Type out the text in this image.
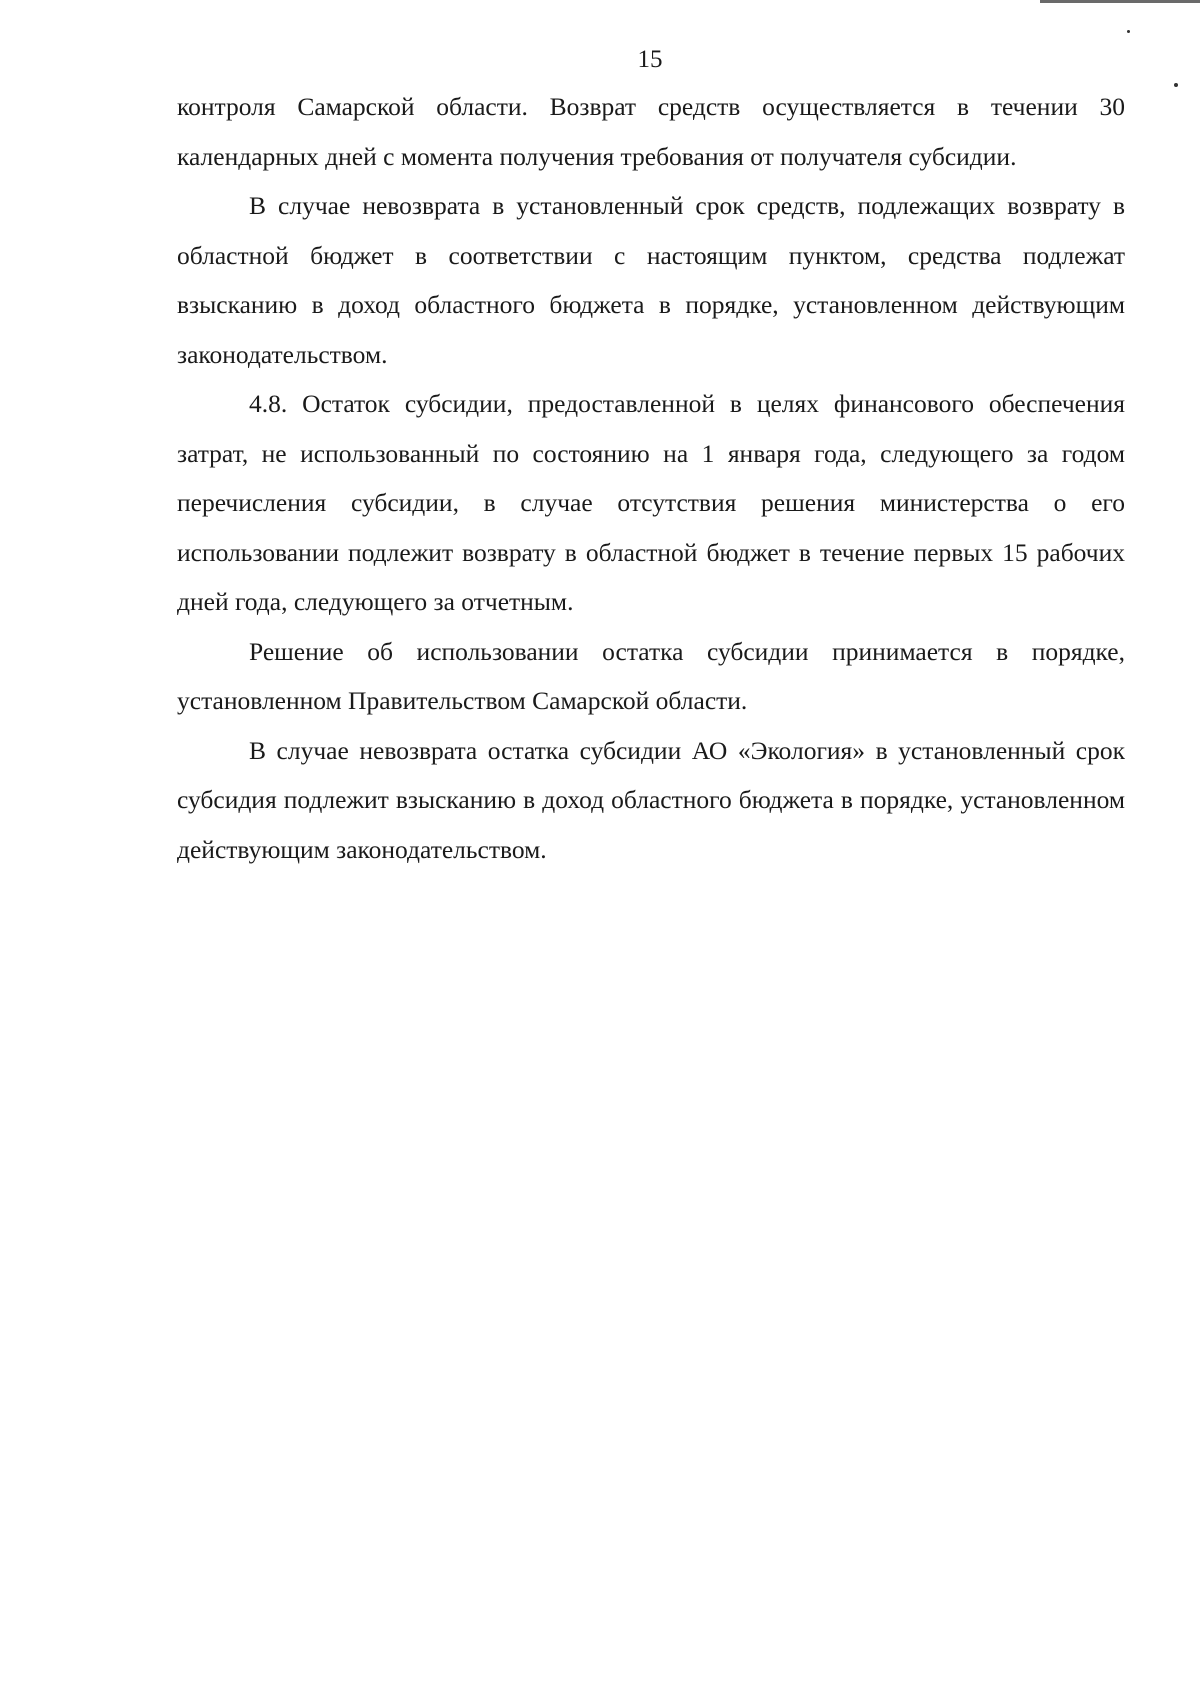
15

контроля Самарской области. Возврат средств осуществляется в течении 30 календарных дней с момента получения требования от получателя субсидии.

В случае невозврата в установленный срок средств, подлежащих возврату в областной бюджет в соответствии с настоящим пунктом, средства подлежат взысканию в доход областного бюджета в порядке, установленном действующим законодательством.

4.8. Остаток субсидии, предоставленной в целях финансового обеспечения затрат, не использованный по состоянию на 1 января года, следующего за годом перечисления субсидии, в случае отсутствия решения министерства о его использовании подлежит возврату в областной бюджет в течение первых 15 рабочих дней года, следующего за отчетным.

Решение об использовании остатка субсидии принимается в порядке, установленном Правительством Самарской области.

В случае невозврата остатка субсидии АО «Экология» в установленный срок субсидия подлежит взысканию в доход областного бюджета в порядке, установленном действующим законодательством.
